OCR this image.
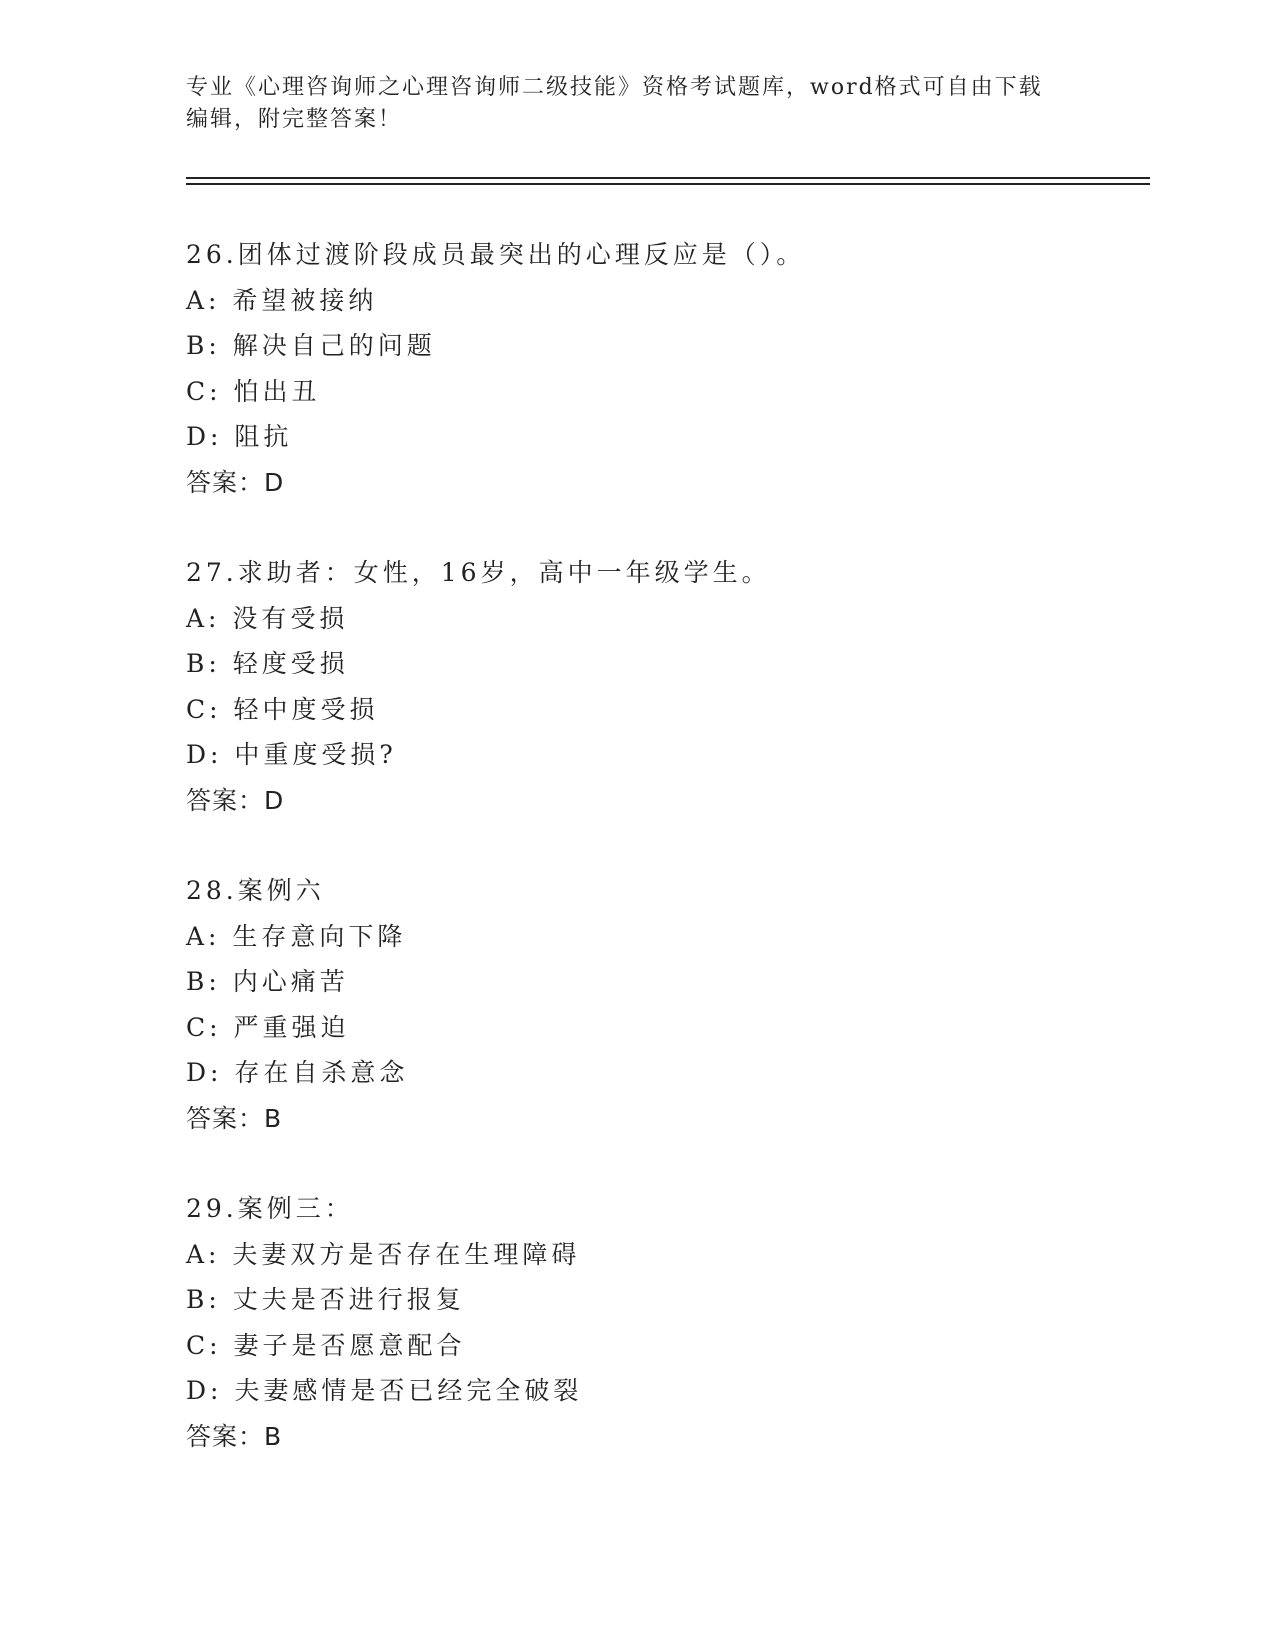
专业《心理咨询师之心理咨询师二级技能》资格考试题库，word格式可自由下载
编辑，附完整答案！
26.团体过渡阶段成员最突出的心理反应是（）。
A: 希望被接纳
B: 解决自己的问题
C: 怕出丑
D: 阻抗
答案：D
27.求助者：女性，16岁，高中一年级学生。
A: 没有受损
B: 轻度受损
C: 轻中度受损
D: 中重度受损?
答案：D
28.案例六
A: 生存意向下降
B: 内心痛苦
C: 严重强迫
D: 存在自杀意念
答案：B
29.案例三：
A: 夫妻双方是否存在生理障碍
B: 丈夫是否进行报复
C: 妻子是否愿意配合
D: 夫妻感情是否已经完全破裂
答案：B
